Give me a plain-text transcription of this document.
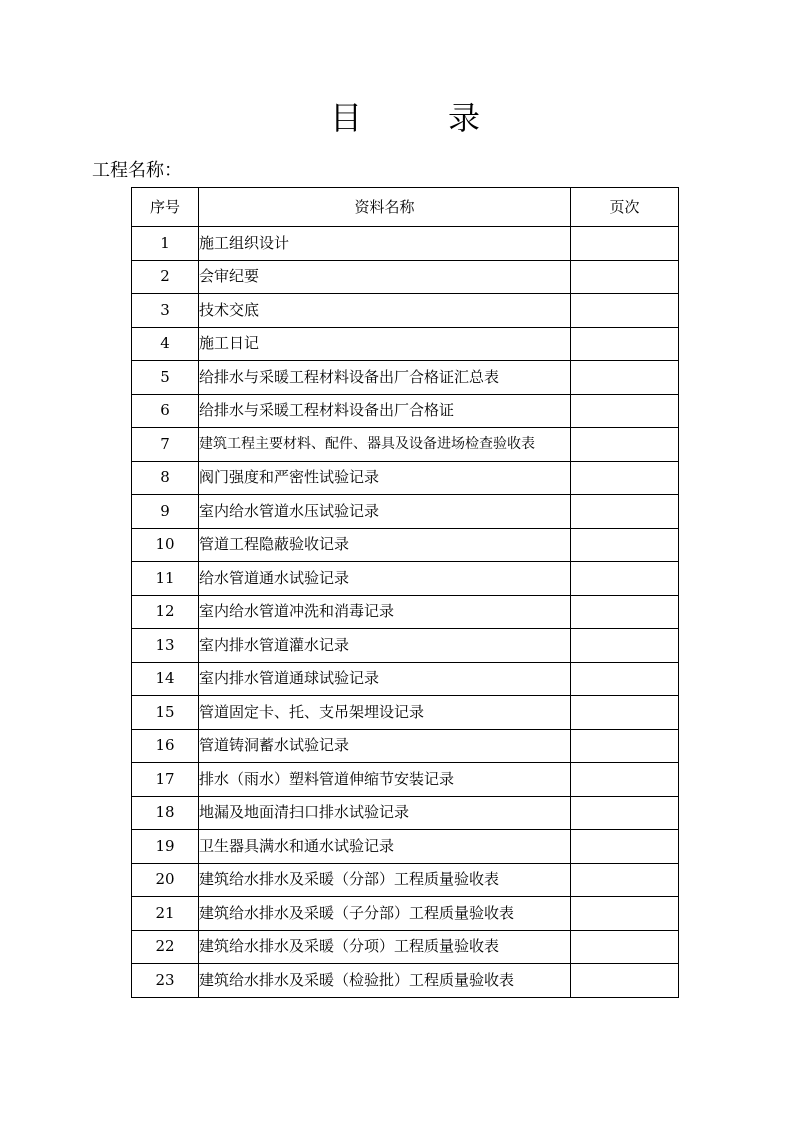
目	录
工程名称：
序号	资料名称	页次
1	施工组织设计	
2	会审纪要	
3	技术交底	
4	施工日记	
5	给排水与采暖工程材料设备出厂合格证汇总表	
6	给排水与采暖工程材料设备出厂合格证	
7	建筑工程主要材料、配件、器具及设备进场检查验收表	
8	阀门强度和严密性试验记录	
9	室内给水管道水压试验记录	
10	管道工程隐蔽验收记录	
11	给水管道通水试验记录	
12	室内给水管道冲洗和消毒记录	
13	室内排水管道灌水记录	
14	室内排水管道通球试验记录	
15	管道固定卡、托、支吊架埋设记录	
16	管道铸洞蓄水试验记录	
17	排水（雨水）塑料管道伸缩节安装记录	
18	地漏及地面清扫口排水试验记录	
19	卫生器具满水和通水试验记录	
20	建筑给水排水及采暖（分部）工程质量验收表	
21	建筑给水排水及采暖（子分部）工程质量验收表	
22	建筑给水排水及采暖（分项）工程质量验收表	
23	建筑给水排水及采暖（检验批）工程质量验收表	
